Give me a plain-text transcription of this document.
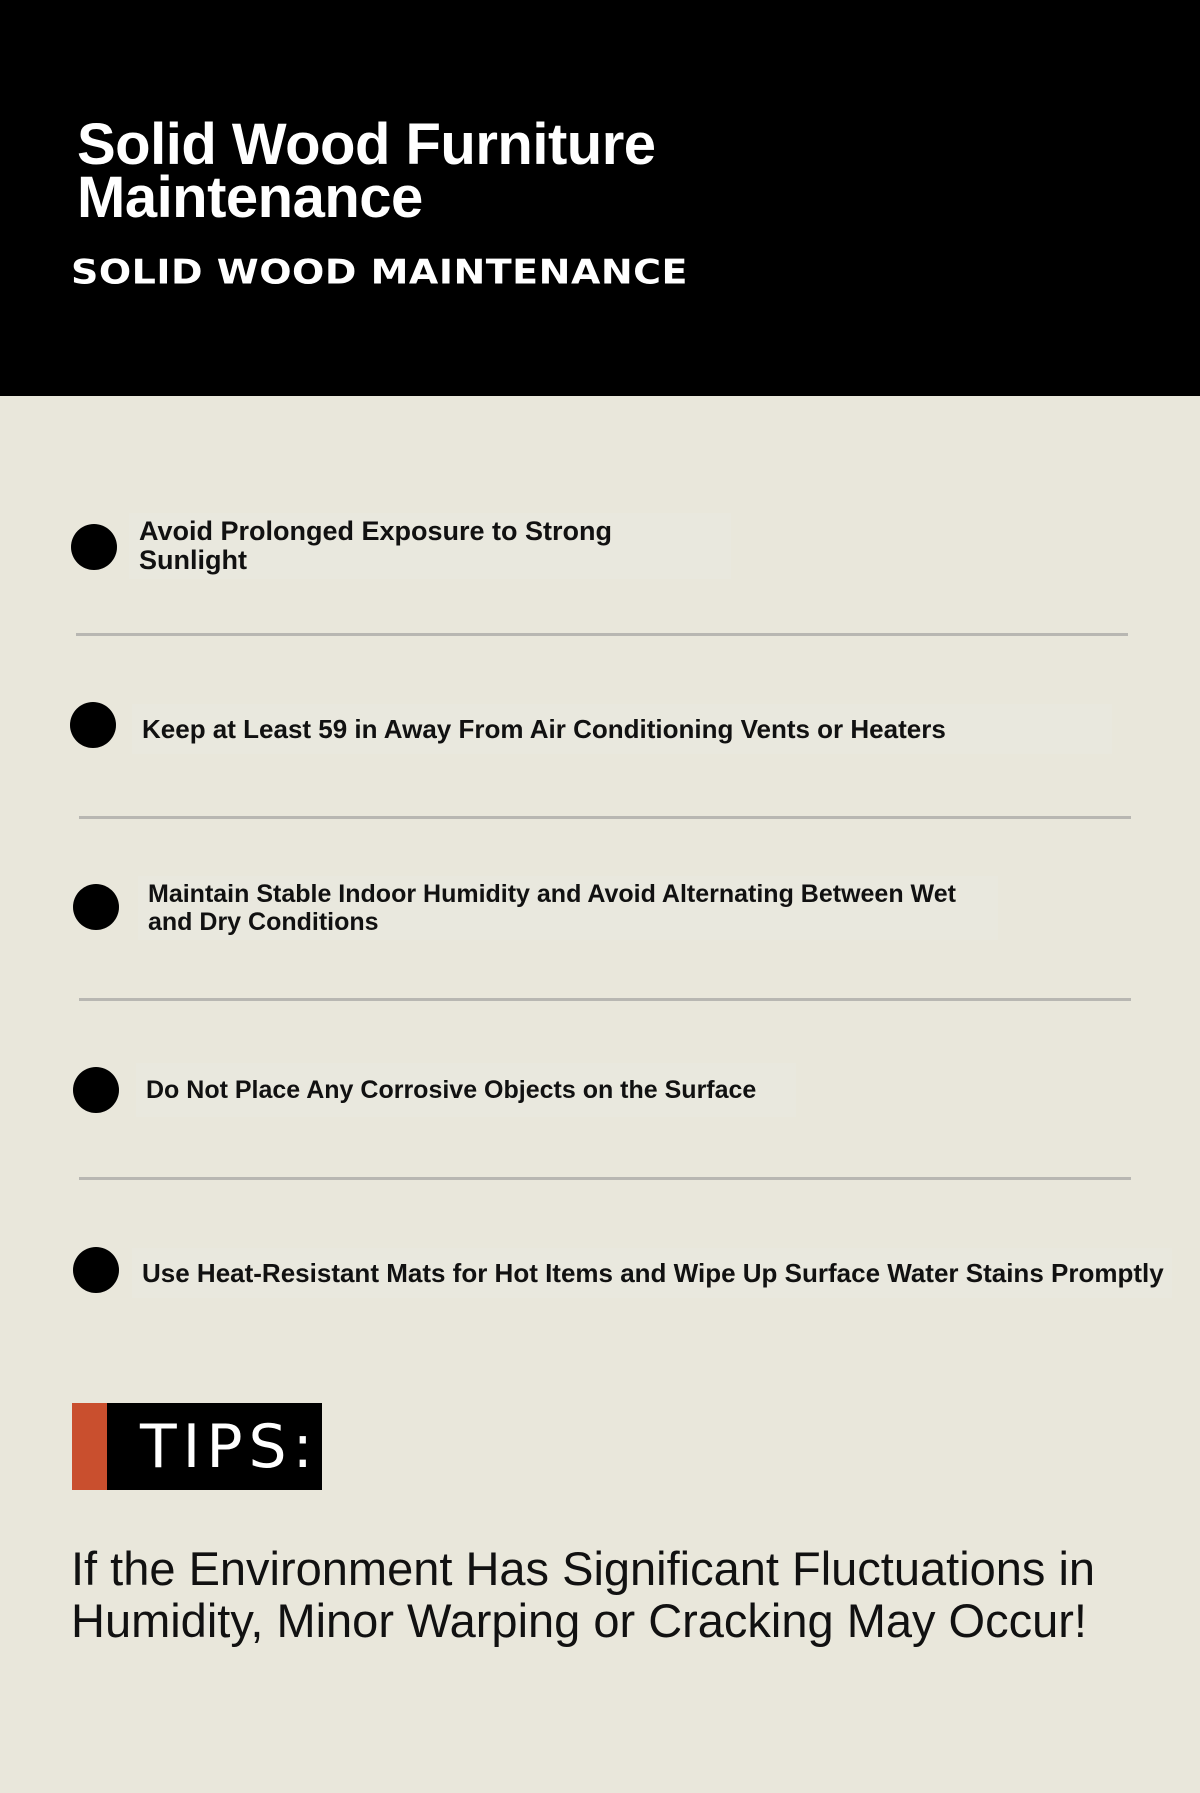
Solid Wood Furniture Maintenance
SOLID WOOD MAINTENANCE

Avoid Prolonged Exposure to Strong Sunlight

Keep at Least 59 in Away From Air Conditioning Vents or Heaters

Maintain Stable Indoor Humidity and Avoid Alternating Between Wet and Dry Conditions

Do Not Place Any Corrosive Objects on the Surface

Use Heat-Resistant Mats for Hot Items and Wipe Up Surface Water Stains Promptly

TIPS:

If the Environment Has Significant Fluctuations in Humidity, Minor Warping or Cracking May Occur!
